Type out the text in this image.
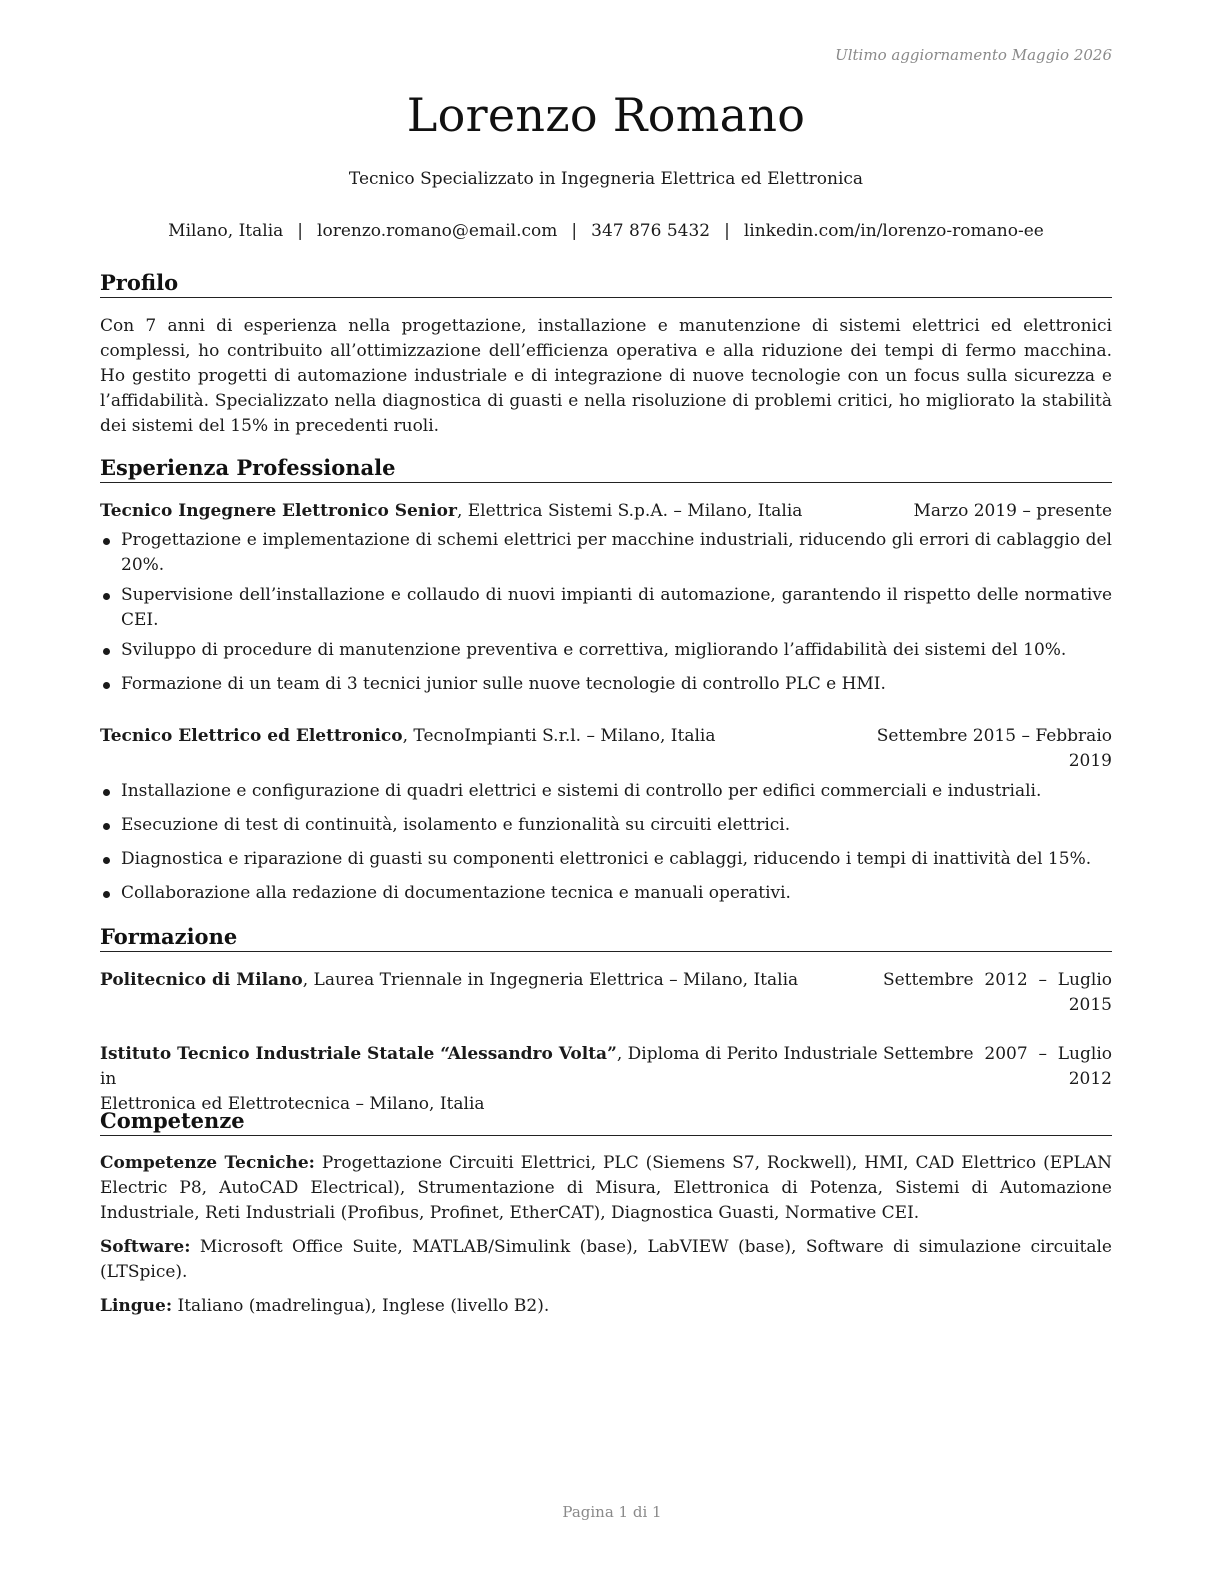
Ultimo aggiornamento Maggio 2026
Lorenzo Romano
Tecnico Specializzato in Ingegneria Elettrica ed Elettronica
Milano, Italia | lorenzo.romano@email.com | 347 876 5432 | linkedin.com/in/lorenzo-romano-ee
Profilo
Con 7 anni di esperienza nella progettazione, installazione e manutenzione di sistemi elettrici ed elettronici complessi, ho contribuito all’ottimizzazione dell’efficienza operativa e alla riduzione dei tempi di fermo macchina. Ho gestito progetti di automazione industriale e di integrazione di nuove tecnologie con un focus sulla sicurezza e l’affidabilità. Specializzato nella diagnostica di guasti e nella risoluzione di problemi critici, ho migliorato la stabilità dei sistemi del 15% in precedenti ruoli.
Esperienza Professionale
Tecnico Ingegnere Elettronico Senior, Elettrica Sistemi S.p.A. – Milano, Italia	Marzo 2019 – presente
Progettazione e implementazione di schemi elettrici per macchine industriali, riducendo gli errori di cablaggio del 20%.
Supervisione dell’installazione e collaudo di nuovi impianti di automazione, garantendo il rispetto delle normative CEI.
Sviluppo di procedure di manutenzione preventiva e correttiva, migliorando l’affidabilità dei sistemi del 10%.
Formazione di un team di 3 tecnici junior sulle nuove tecnologie di controllo PLC e HMI.
Tecnico Elettrico ed Elettronico, TecnoImpianti S.r.l. – Milano, Italia	Settembre 2015 – Febbraio
2019
Installazione e configurazione di quadri elettrici e sistemi di controllo per edifici commerciali e industriali.
Esecuzione di test di continuità, isolamento e funzionalità su circuiti elettrici.
Diagnostica e riparazione di guasti su componenti elettronici e cablaggi, riducendo i tempi di inattività del 15%.
Collaborazione alla redazione di documentazione tecnica e manuali operativi.
Formazione
Politecnico di Milano, Laurea Triennale in Ingegneria Elettrica – Milano, Italia	Settembre  2012  –  Luglio
2015
Istituto Tecnico Industriale Statale “Alessandro Volta”, Diploma di Perito Industriale in
Elettronica ed Elettrotecnica – Milano, Italia
Settembre  2007  –  Luglio
2012
Competenze
Competenze Tecniche: Progettazione Circuiti Elettrici, PLC (Siemens S7, Rockwell), HMI, CAD Elettrico (EPLAN Electric P8, AutoCAD Electrical), Strumentazione di Misura, Elettronica di Potenza, Sistemi di Automazione Industriale, Reti Industriali (Profibus, Profinet, EtherCAT), Diagnostica Guasti, Normative CEI.
Software: Microsoft Office Suite, MATLAB/Simulink (base), LabVIEW (base), Software di simulazione circuitale (LTSpice).
Lingue: Italiano (madrelingua), Inglese (livello B2).
Pagina 1 di 1
